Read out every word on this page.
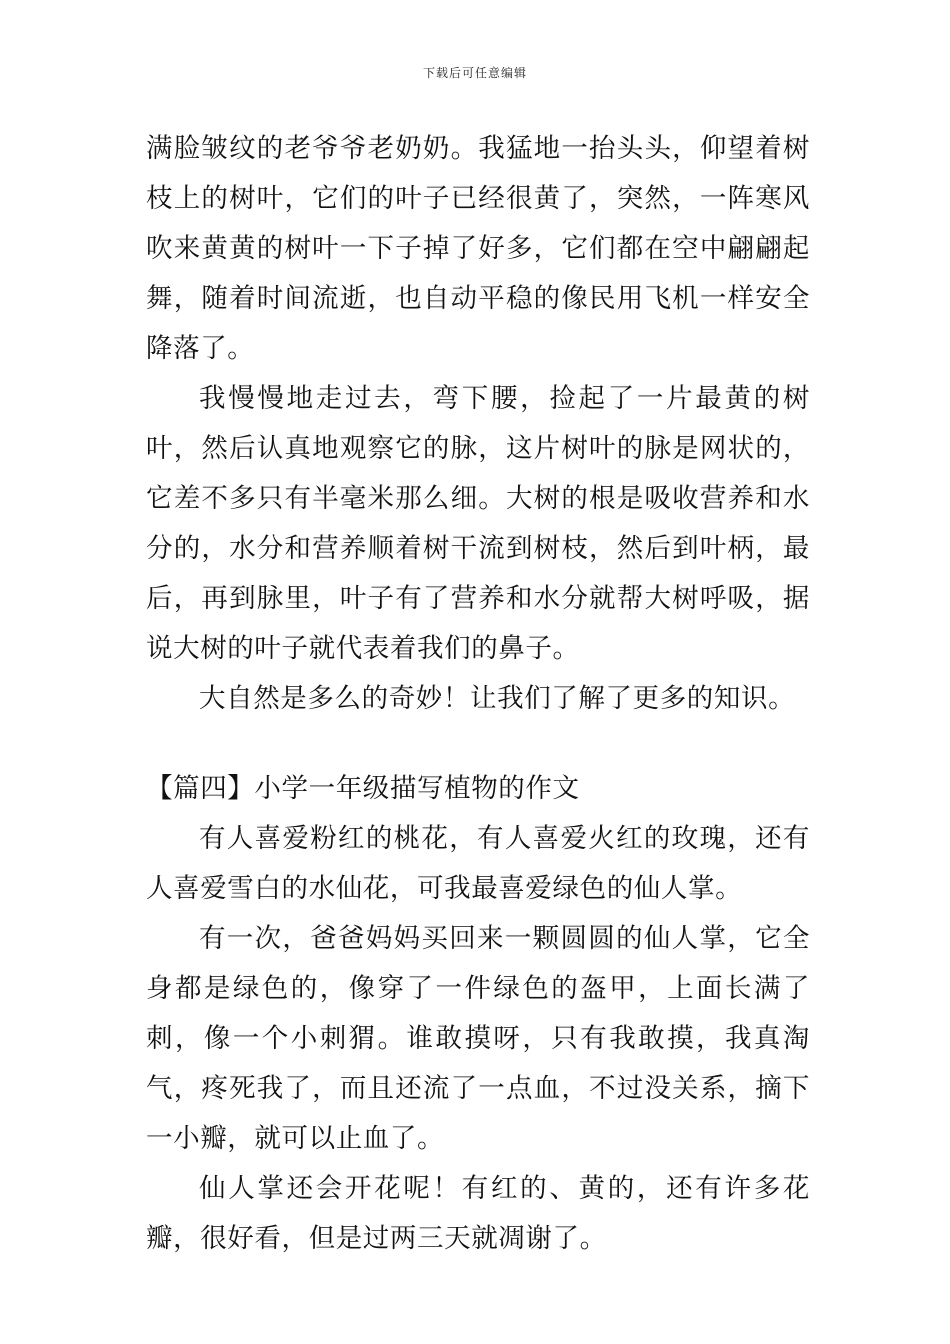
下载后可任意编辑

满脸皱纹的老爷爷老奶奶。我猛地一抬头头，仰望着树枝上的树叶，它们的叶子已经很黄了，突然，一阵寒风吹来黄黄的树叶一下子掉了好多，它们都在空中翩翩起舞，随着时间流逝，也自动平稳的像民用飞机一样安全降落了。

我慢慢地走过去，弯下腰，捡起了一片最黄的树叶，然后认真地观察它的脉，这片树叶的脉是网状的，它差不多只有半毫米那么细。大树的根是吸收营养和水分的，水分和营养顺着树干流到树枝，然后到叶柄，最后，再到脉里，叶子有了营养和水分就帮大树呼吸，据说大树的叶子就代表着我们的鼻子。

大自然是多么的奇妙！让我们了解了更多的知识。

【篇四】小学一年级描写植物的作文

有人喜爱粉红的桃花，有人喜爱火红的玫瑰，还有人喜爱雪白的水仙花，可我最喜爱绿色的仙人掌。

有一次，爸爸妈妈买回来一颗圆圆的仙人掌，它全身都是绿色的，像穿了一件绿色的盔甲，上面长满了刺，像一个小刺猬。谁敢摸呀，只有我敢摸，我真淘气，疼死我了，而且还流了一点血，不过没关系，摘下一小瓣，就可以止血了。

仙人掌还会开花呢！有红的、黄的，还有许多花瓣，很好看，但是过两三天就凋谢了。
